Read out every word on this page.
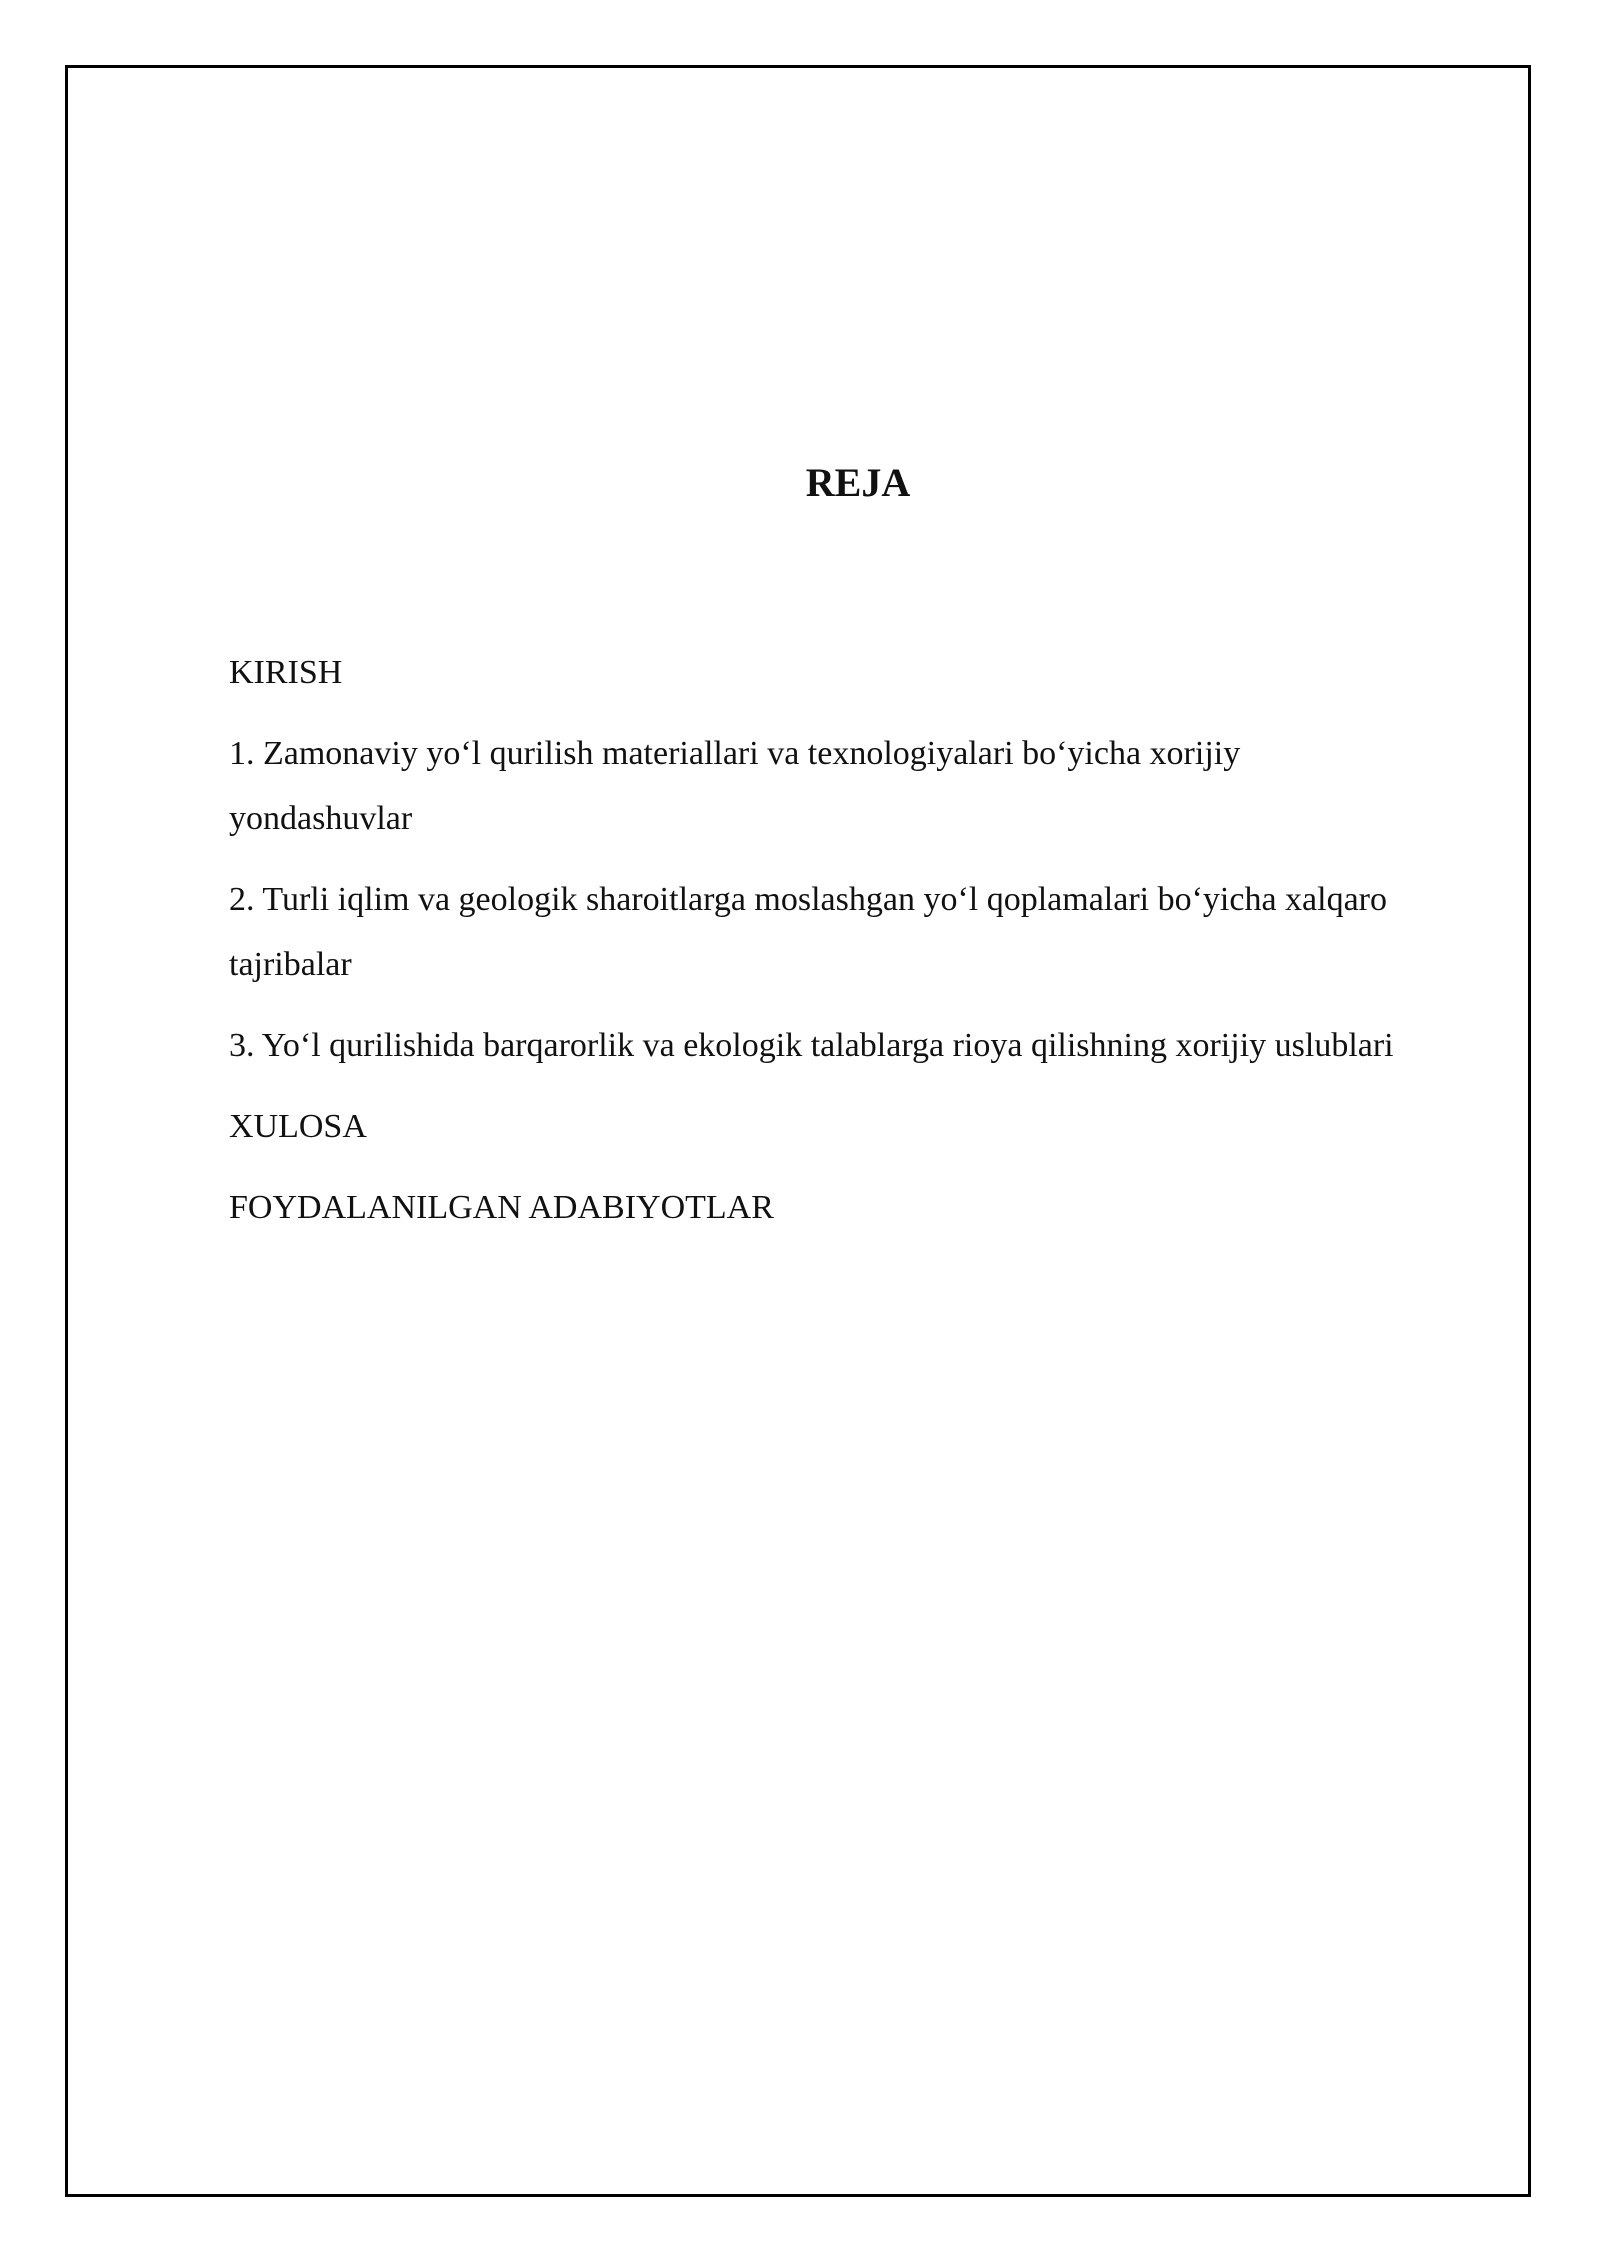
REJA
KIRISH
1. Zamonaviy yo‘l qurilish materiallari va texnologiyalari bo‘yicha xorijiy yondashuvlar
2. Turli iqlim va geologik sharoitlarga moslashgan yo‘l qoplamalari bo‘yicha xalqaro tajribalar
3. Yo‘l qurilishida barqarorlik va ekologik talablarga rioya qilishning xorijiy uslublari
XULOSA
FOYDALANILGAN ADABIYOTLAR
